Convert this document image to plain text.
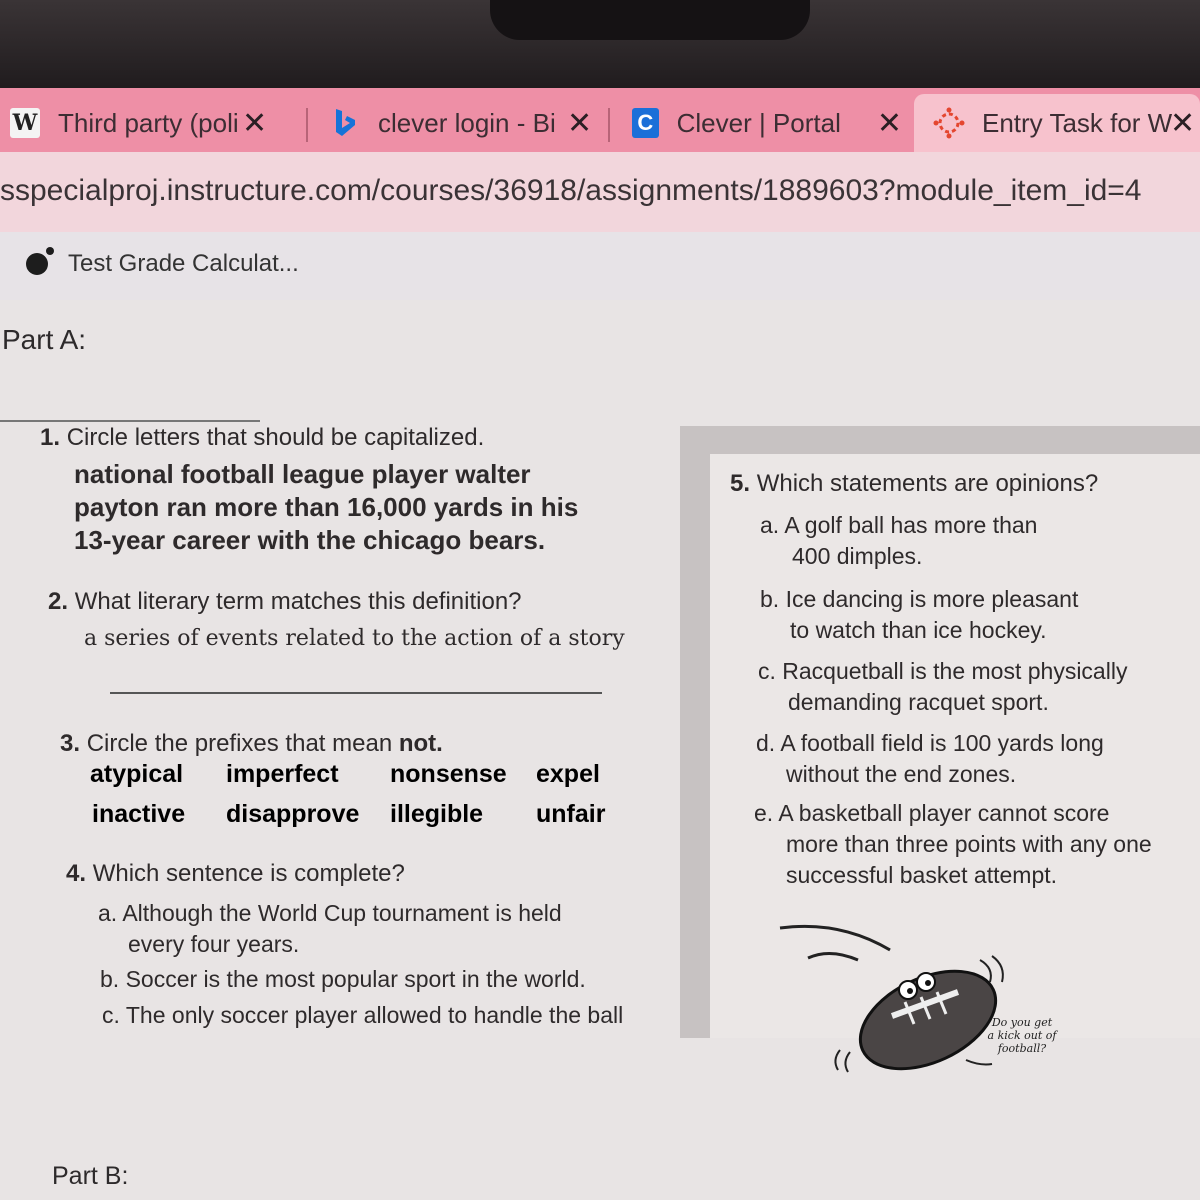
W Third party (poli ✕	clever login - Bi ✕ C Clever | Portal ✕	Entry Task for W
✕
sspecialproj.instructure.com/courses/36918/assignments/1889603?module_item_id=4
Test Grade Calculat...
Part A:
1. Circle letters that should be capitalized.
national football league player walter
payton ran more than 16,000 yards in his
13-year career with the chicago bears.
2. What literary term matches this definition?
a series of events related to the action of a story
3. Circle the prefixes that mean not.
atypical imperfect nonsense expel
inactive disapprove illegible unfair
4. Which sentence is complete?
a. Although the World Cup tournament is held
every four years.
b. Soccer is the most popular sport in the world.
c. The only soccer player allowed to handle the ball
5. Which statements are opinions?
a. A golf ball has more than
400 dimples.
b. Ice dancing is more pleasant
to watch than ice hockey.
c. Racquetball is the most physically
demanding racquet sport.
d. A football field is 100 yards long
without the end zones.
e. A basketball player cannot score
more than three points with any one
successful basket attempt.
Do you get
a kick out of
football?
Part B:
